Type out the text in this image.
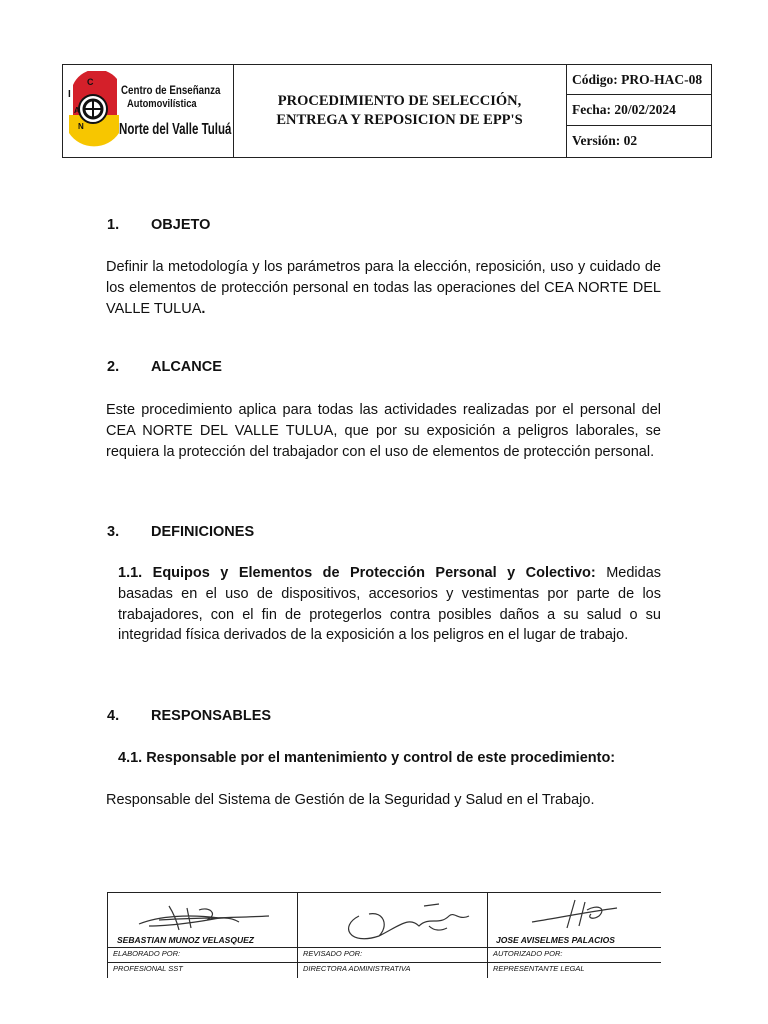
I
C
A
N
Centro de Enseñanza
Automovilística
Norte del Valle Tuluá
PROCEDIMIENTO DE SELECCIÓN,
ENTREGA Y REPOSICION DE EPP'S
Código: PRO-HAC-08
Fecha: 20/02/2024
Versión: 02
1. OBJETO
Definir la metodología y los parámetros para la elección, reposición, uso y cuidado de los elementos de protección personal en todas las operaciones del CEA NORTE DEL VALLE TULUA.
2. ALCANCE
Este procedimiento aplica para todas las actividades realizadas por el personal del CEA NORTE DEL VALLE TULUA, que por su exposición a peligros laborales, se requiera la protección del trabajador con el uso de elementos de protección personal.
3. DEFINICIONES
1.1. Equipos y Elementos de Protección Personal y Colectivo: Medidas basadas en el uso de dispositivos, accesorios y vestimentas por parte de los trabajadores, con el fin de protegerlos contra posibles daños a su salud o su integridad física derivados de la exposición a los peligros en el lugar de trabajo.
4. RESPONSABLES
4.1. Responsable por el mantenimiento y control de este procedimiento:
Responsable del Sistema de Gestión de la Seguridad y Salud en el Trabajo.
SEBASTIAN MUNOZ VELASQUEZ
ELABORADO POR:
PROFESIONAL SST
REVISADO POR:
DIRECTORA ADMINISTRATIVA
JOSE AVISELMES PALACIOS
AUTORIZADO POR:
REPRESENTANTE LEGAL
